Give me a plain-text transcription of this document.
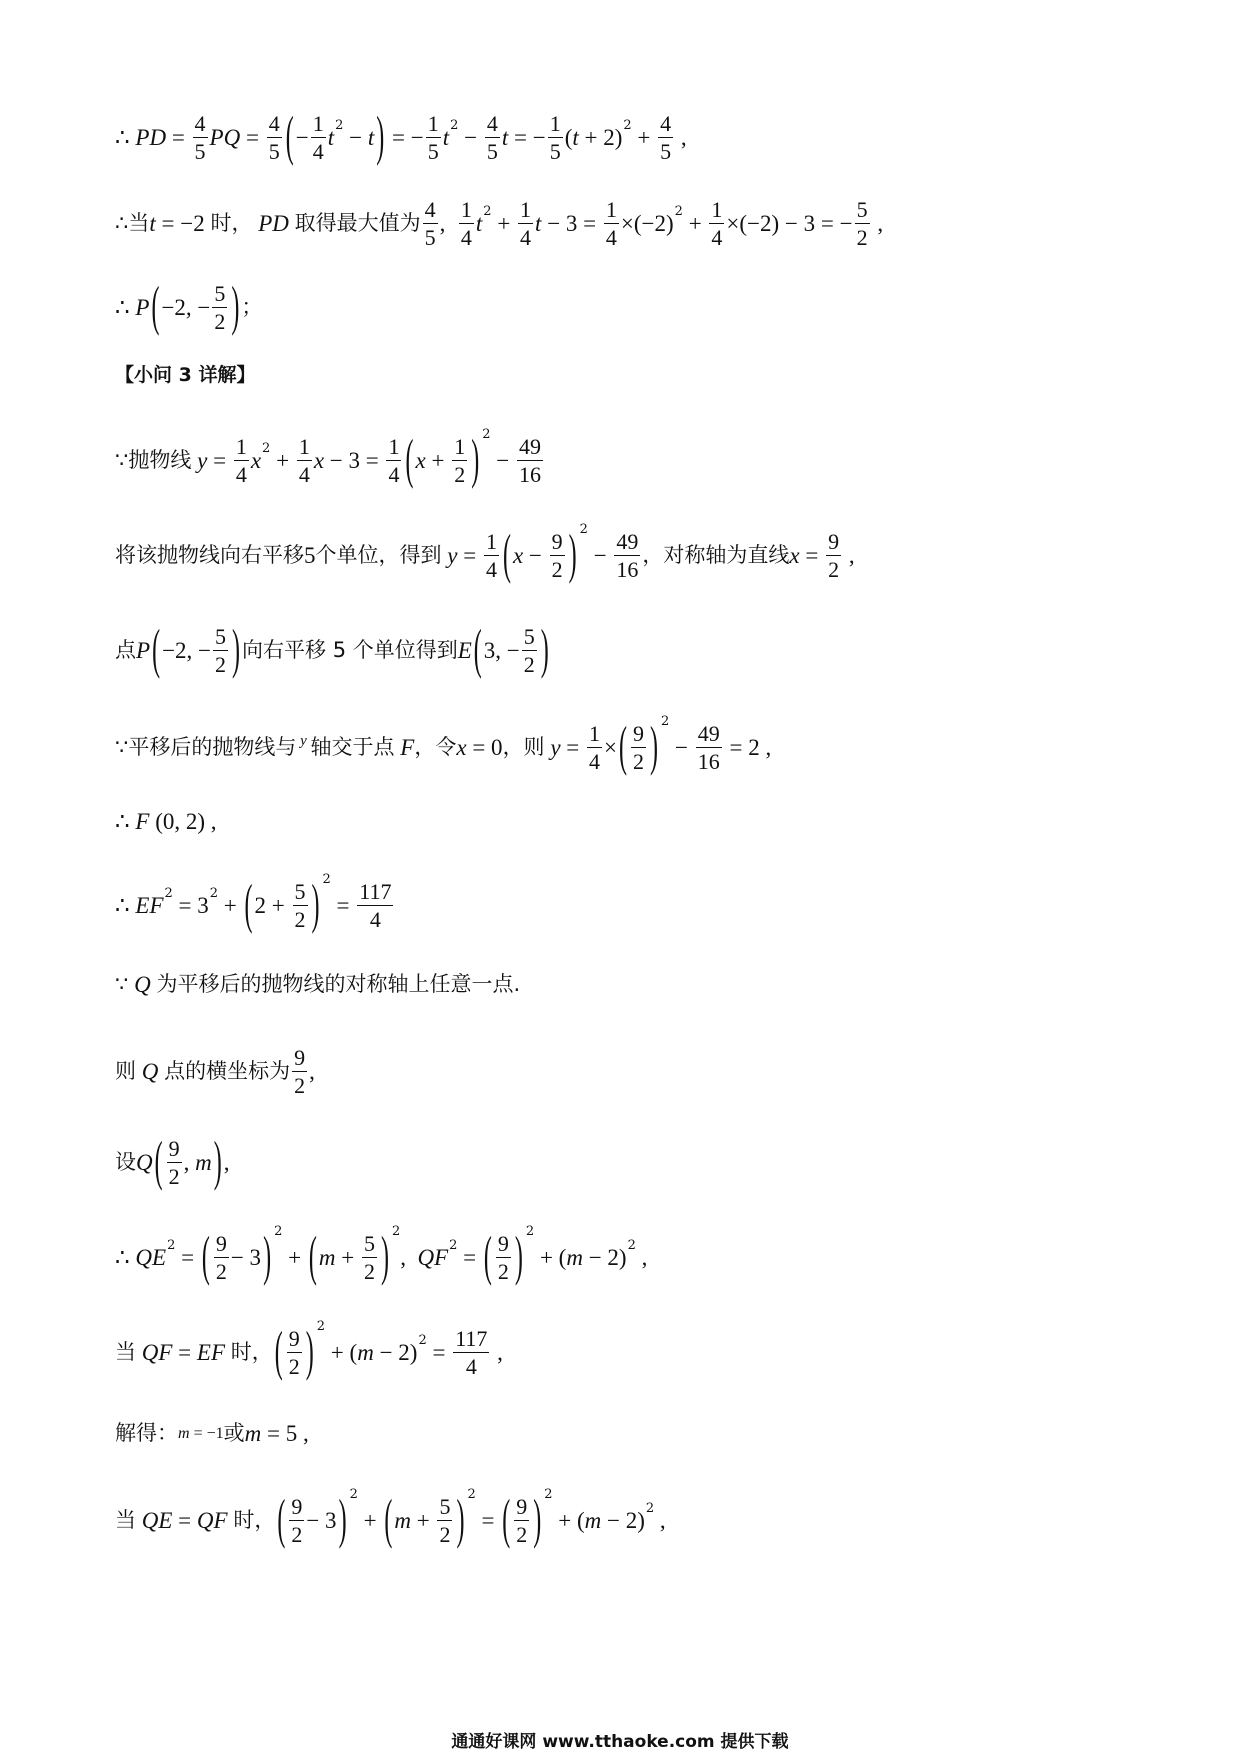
∴ PD = $\frac{4}{5}$ PQ = $\frac{4}{5}$ ( − $\frac{1}{4}$ t 2 − t ) = − $\frac{1}{5}$ t $2 - \frac{4}{5}$ t = − $\frac{1}{5}$ ( t + 2) $2 + \frac{4}{5}$ ,
∴当 t = −2 时， PD 取得最大值为 $\frac{4}{5}$ , $\frac{1}{4}$ t $2 + \frac{1}{4}$ $t - 3 = \frac{1}{4} \times(-2) 2 + \frac{1}{4} \times(-2) - 3$ = − $\frac{5}{2}$ ,
∴ P ( −2, − $\frac{5}{2}$ ) ；
【小问 3 详解】
∵抛物线 $y = \frac{1}{4}$ x $2 + \frac{1}{4}$ $x - 3 = \frac{1}{4}$ ( $x + \frac{1}{2}$ ) 2
− $\frac{49}{16}$
将该抛物线向右平移 5 个单位，得到 $y = \frac{1}{4}$ ( $x - \frac{9}{2}$ ) 2
− $\frac{49}{16}$ ，对称轴为直线 $x = \frac{9}{2}$ ,
点 P ( −2, − $\frac{5}{2}$ ) 向右平移 5 个单位得到 E ( 3, − $\frac{5}{2}$ )
∵平移后的抛物线与 y 轴交于点 F ，令 x = 0 ，则 $y = \frac{1}{4}$ × ( $\frac{9}{2}$ ) 2
− $\frac{49}{16} = 2$ ,
∴ F (0, 2) ,
∴ EF 2 = 3 2 + ( $2 + \frac{5}{2}$ ) 2
= $\frac{117}{4}$
∵ Q 为平移后的抛物线的对称轴上任意一点.
则 Q 点的横坐标为 $\frac{9}{2}$ ,
设 Q ( $\frac{9}{2}$ , m ) ,
∴ QE 2 = ( $\frac{9}{2} - 3$ ) 2
+ ( $m + \frac{5}{2}$ ) 2
, QF 2 = ( $\frac{9}{2}$ ) 2
+ ( m − 2) 2 ,
当 QF = EF 时， ( $\frac{9}{2}$ ) 2
+ ( m − 2) $2 = \frac{117}{4}$ ,
解得： m = −1 或 m = 5 ,
当 QE = QF 时， ( $\frac{9}{2} - 3$ ) 2
+ ( $m + \frac{5}{2}$ ) 2
= ( $\frac{9}{2}$ ) 2
+ ( m − 2) 2 ,
通通好课网 www.tthaoke.com 提供下载
